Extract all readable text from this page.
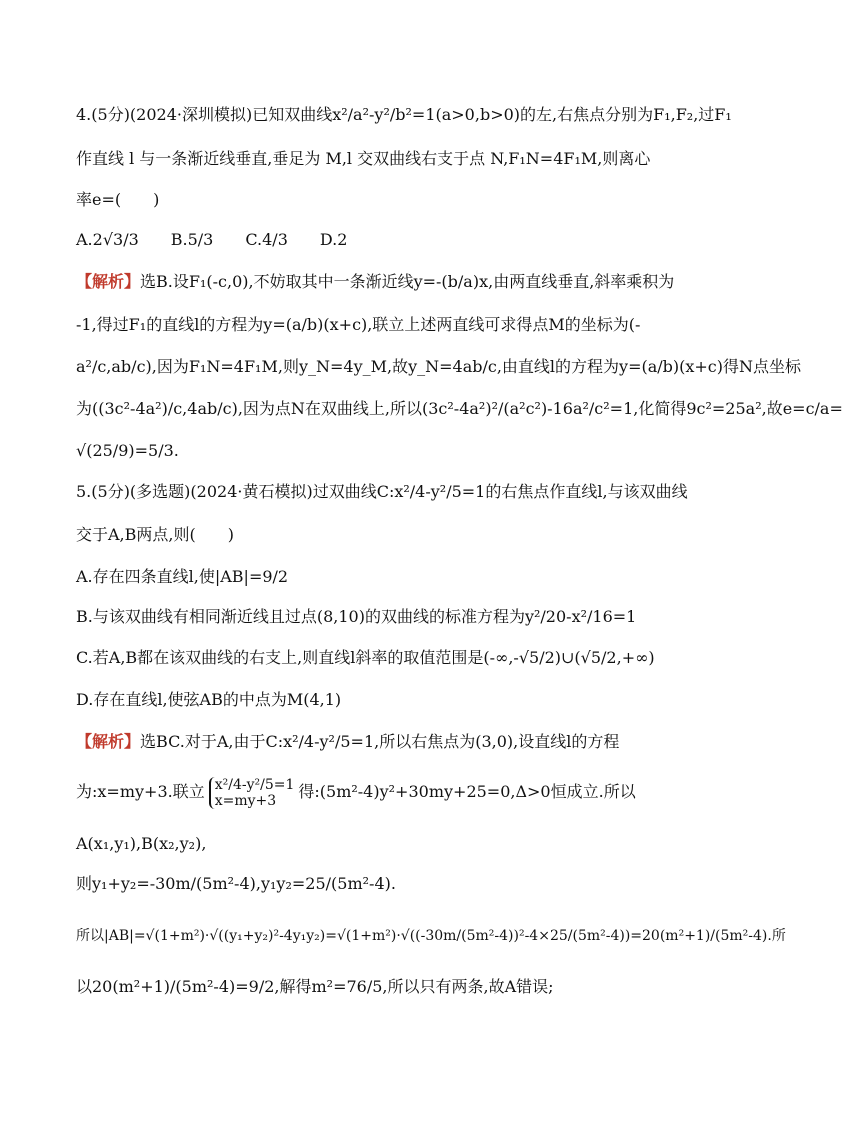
4.(5分)(2024·深圳模拟)已知双曲线x²/a²-y²/b²=1(a>0,b>0)的左,右焦点分别为F₁,F₂,过F₁
作直线 l 与一条渐近线垂直,垂足为 M,l 交双曲线右支于点 N,F₁N=4F₁M,则离心
率e=(　　)
A.2√3/3　　B.5/3　　C.4/3　　D.2
【解析】选B.设F₁(-c,0),不妨取其中一条渐近线y=-(b/a)x,由两直线垂直,斜率乘积为
-1,得过F₁的直线l的方程为y=(a/b)(x+c),联立上述两直线可求得点M的坐标为(-
a²/c,ab/c),因为F₁N=4F₁M,则y_N=4y_M,故y_N=4ab/c,由直线l的方程为y=(a/b)(x+c)得N点坐标
为((3c²-4a²)/c,4ab/c),因为点N在双曲线上,所以(3c²-4a²)²/(a²c²)-16a²/c²=1,化简得9c²=25a²,故e=c/a=
√(25/9)=5/3.
5.(5分)(多选题)(2024·黄石模拟)过双曲线C:x²/4-y²/5=1的右焦点作直线l,与该双曲线
交于A,B两点,则(　　)
A.存在四条直线l,使|AB|=9/2
B.与该双曲线有相同渐近线且过点(8,10)的双曲线的标准方程为y²/20-x²/16=1
C.若A,B都在该双曲线的右支上,则直线l斜率的取值范围是(-∞,-√5/2)∪(√5/2,+∞)
D.存在直线l,使弦AB的中点为M(4,1)
【解析】选BC.对于A,由于C:x²/4-y²/5=1,所以右焦点为(3,0),设直线l的方程
为:x=my+3.联立 x²/4-y²/5=1
x=my+3	得:(5m²-4)y²+30my+25=0,Δ>0恒成立.所以
A(x₁,y₁),B(x₂,y₂),
则y₁+y₂=-30m/(5m²-4),y₁y₂=25/(5m²-4).
所以|AB|=√(1+m²)·√((y₁+y₂)²-4y₁y₂)=√(1+m²)·√((-30m/(5m²-4))²-4×25/(5m²-4))=20(m²+1)/(5m²-4).所
以20(m²+1)/(5m²-4)=9/2,解得m²=76/5,所以只有两条,故A错误;
